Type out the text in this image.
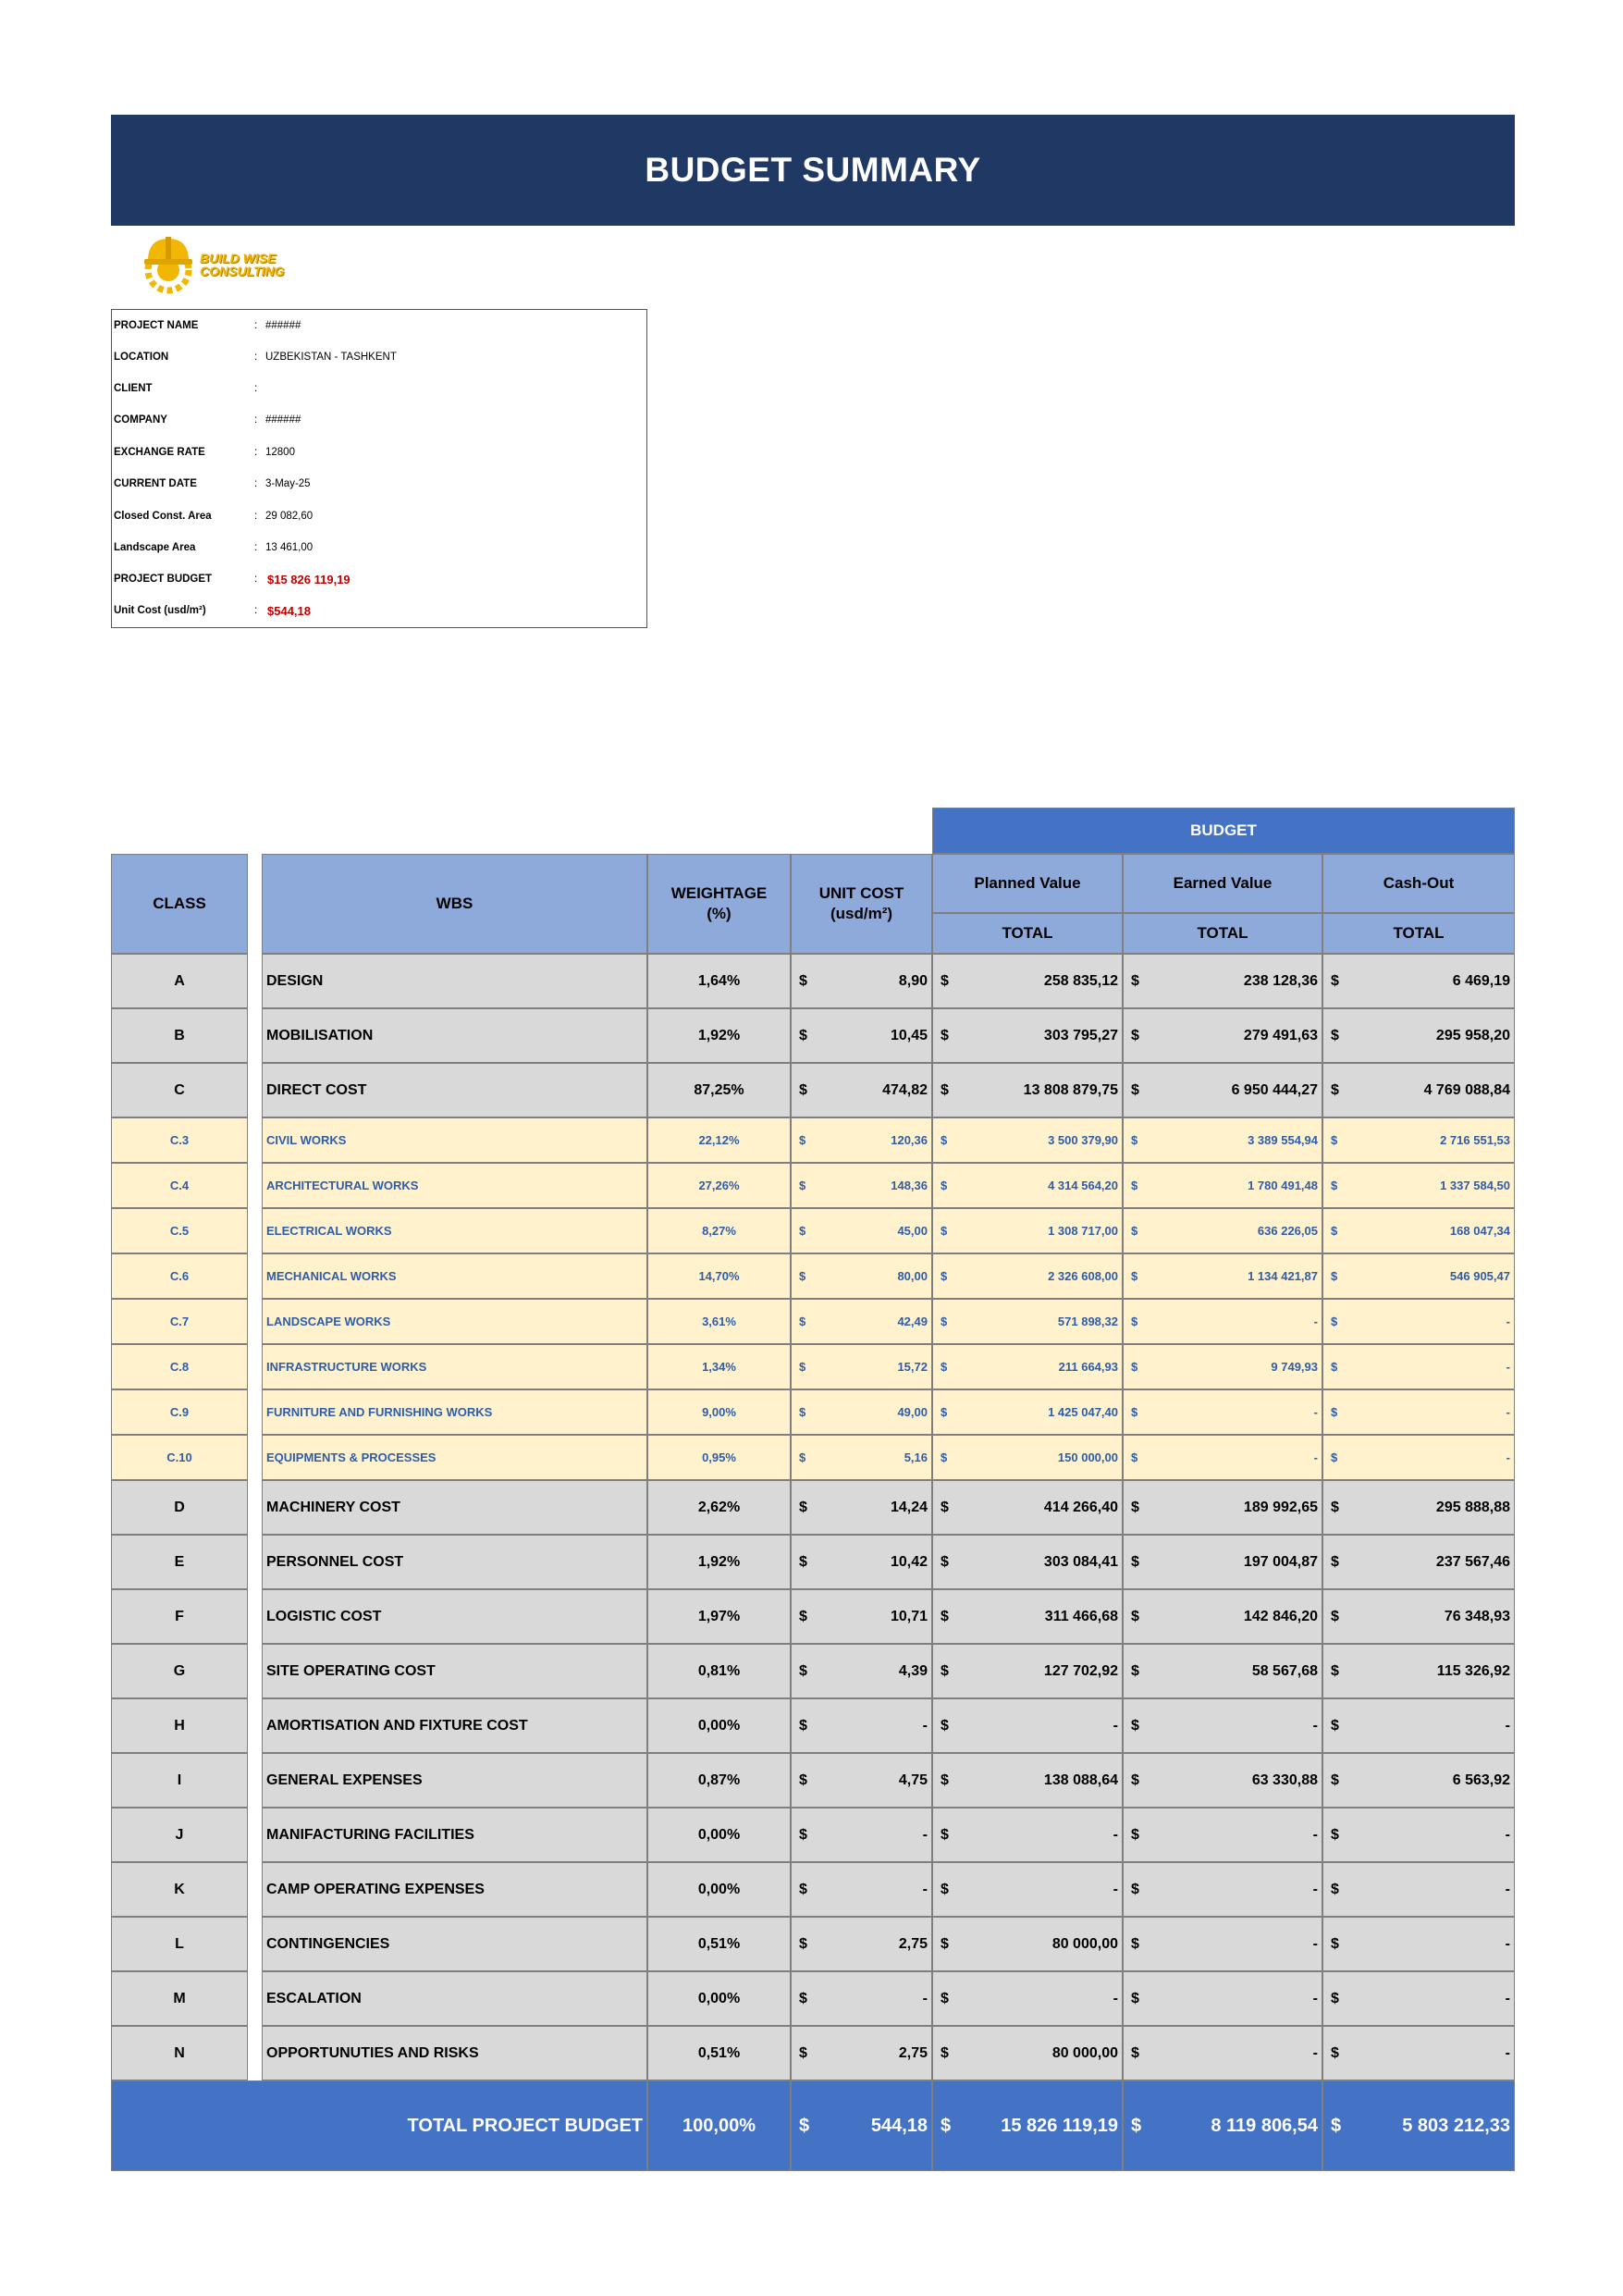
BUDGET SUMMARY
BUILD WISE
CONSULTING
PROJECT NAME	: ######
LOCATION	: UZBEKISTAN - TASHKENT
CLIENT	:
COMPANY	: ######
EXCHANGE RATE	: 12800
CURRENT DATE	: 3-May-25
Closed Const. Area	: 29 082,60
Landscape Area	: 13 461,00
PROJECT BUDGET	: $15 826 119,19
Unit Cost (usd/m²)	: $544,18
BUDGET
CLASS	WBS
WEIGHTAGE (%)
UNIT COST (usd/m²)
Planned Value	Earned Value	Cash-Out
TOTAL	TOTAL	TOTAL
A	DESIGN	1,64%	$	8,90 $	258 835,12 $	238 128,36 $	6 469,19
B	MOBILISATION	1,92%	$	10,45 $	303 795,27 $	279 491,63 $	295 958,20
C	DIRECT COST	87,25%	$	474,82 $	13 808 879,75 $	6 950 444,27 $	4 769 088,84
C.3	CIVIL WORKS	22,12%	$	120,36 $	3 500 379,90 $	3 389 554,94 $	2 716 551,53
C.4	ARCHITECTURAL WORKS	27,26%	$	148,36 $	4 314 564,20 $	1 780 491,48 $	1 337 584,50
C.5	ELECTRICAL WORKS	8,27%	$	45,00 $	1 308 717,00 $	636 226,05 $	168 047,34
C.6	MECHANICAL WORKS	14,70%	$	80,00 $	2 326 608,00 $	1 134 421,87 $	546 905,47
C.7	LANDSCAPE WORKS	3,61%	$	42,49 $	571 898,32 $	- $	-
C.8	INFRASTRUCTURE WORKS	1,34%	$	15,72 $	211 664,93 $	9 749,93 $	-
C.9	FURNITURE AND FURNISHING WORKS	9,00%	$	49,00 $	1 425 047,40 $	- $	-
C.10	EQUIPMENTS & PROCESSES	0,95%	$	5,16 $	150 000,00 $	- $	-
D	MACHINERY COST	2,62%	$	14,24 $	414 266,40 $	189 992,65 $	295 888,88
E	PERSONNEL COST	1,92%	$	10,42 $	303 084,41 $	197 004,87 $	237 567,46
F	LOGISTIC COST	1,97%	$	10,71 $	311 466,68 $	142 846,20 $	76 348,93
G	SITE OPERATING COST	0,81%	$	4,39 $	127 702,92 $	58 567,68 $	115 326,92
H	AMORTISATION AND FIXTURE COST	0,00%	$	- $	- $	- $	-
I	GENERAL EXPENSES	0,87%	$	4,75 $	138 088,64 $	63 330,88 $	6 563,92
J	MANIFACTURING FACILITIES	0,00%	$	- $	- $	- $	-
K	CAMP OPERATING EXPENSES	0,00%	$	- $	- $	- $	-
L	CONTINGENCIES	0,51%	$	2,75 $	80 000,00 $	- $	-
M	ESCALATION	0,00%	$	- $	- $	- $	-
N	OPPORTUNUTIES AND RISKS	0,51%	$	2,75 $	80 000,00 $	- $	-
TOTAL PROJECT BUDGET	100,00%	$	544,18 $	15 826 119,19 $	8 119 806,54 $	5 803 212,33
